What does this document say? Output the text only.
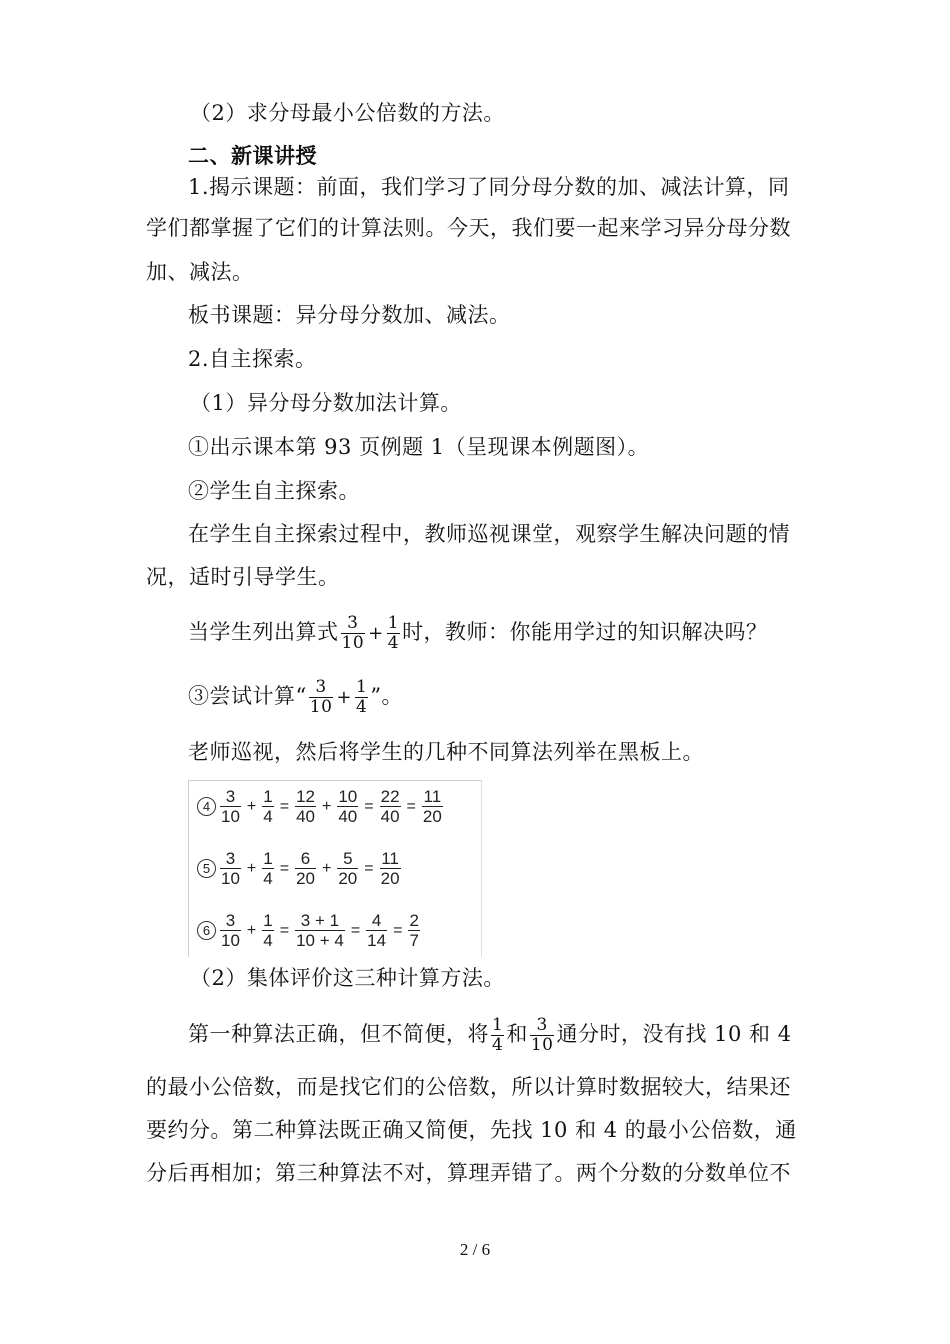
（2）求分母最小公倍数的方法。
二、新课讲授
1.揭示课题：前面，我们学习了同分母分数的加、减法计算，同
学们都掌握了它们的计算法则。今天，我们要一起来学习异分母分数
加、减法。
板书课题：异分母分数加、减法。
2.自主探索。
（1）异分母分数加法计算。
①出示课本第 93 页例题 1（呈现课本例题图）。
②学生自主探索。
在学生自主探索过程中，教师巡视课堂，观察学生解决问题的情
况，适时引导学生。
当学生列出算式 $\frac{3}{10} + \frac{1}{4}$ 时，教师：你能用学过的知识解决吗？
③尝试计算“ $\frac{3}{10} + \frac{1}{4}$ ”。
老师巡视，然后将学生的几种不同算法列举在黑板上。
$4 \frac{3}{10} + \frac{1}{4} = \frac{12}{40} + \frac{10}{40} = \frac{22}{40} = \frac{11}{20}$
$5 \frac{3}{10} + \frac{1}{4} = \frac{6}{20} + \frac{5}{20} = \frac{11}{20}$
$6 \frac{3}{10} + \frac{1}{4} = \frac{3 + 1}{10 + 4} = \frac{4}{14} = \frac{2}{7}$
（2）集体评价这三种计算方法。
第一种算法正确，但不简便，将 $\frac{1}{4}$ 和 $\frac{3}{10}$ 通分时，没有找 10 和 4
的最小公倍数，而是找它们的公倍数，所以计算时数据较大，结果还
要约分。第二种算法既正确又简便，先找 10 和 4 的最小公倍数，通
分后再相加；第三种算法不对，算理弄错了。两个分数的分数单位不
2 / 6
